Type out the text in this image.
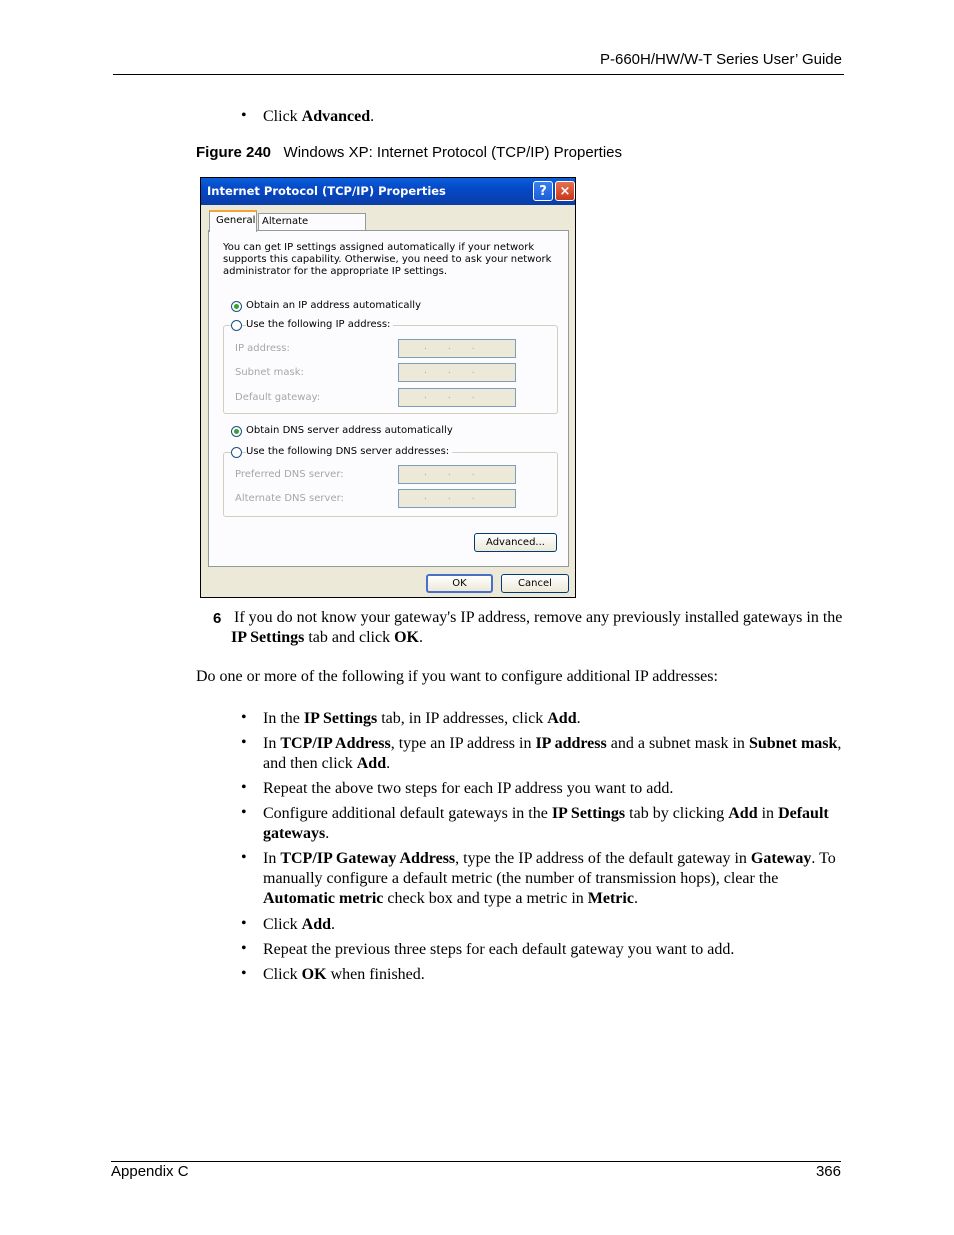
P-660H/HW/W-T Series User’ Guide
• Click Advanced.
Figure 240 Windows XP: Internet Protocol (TCP/IP) Properties
Internet Protocol (TCP/IP) Properties	? ×
General Alternate
You can get IP settings assigned automatically if your network supports this capability. Otherwise, you need to ask your network administrator for the appropriate IP settings.
Obtain an IP address automatically
Use the following IP address:
IP address:	...
Subnet mask:	...
Default gateway:	...
Obtain DNS server address automatically
Use the following DNS server addresses:
Preferred DNS server:	...
Alternate DNS server:	...
Advanced...
OK	Cancel
6 If you do not know your gateway's IP address, remove any previously installed gateways in the IP Settings tab and click OK.
Do one or more of the following if you want to configure additional IP addresses:
• In the IP Settings tab, in IP addresses, click Add.
• In TCP/IP Address, type an IP address in IP address and a subnet mask in Subnet mask, and then click Add.
• Repeat the above two steps for each IP address you want to add.
• Configure additional default gateways in the IP Settings tab by clicking Add in Default gateways.
• In TCP/IP Gateway Address, type the IP address of the default gateway in Gateway. To manually configure a default metric (the number of transmission hops), clear the Automatic metric check box and type a metric in Metric.
• Click Add.
• Repeat the previous three steps for each default gateway you want to add.
• Click OK when finished.
Appendix C	366
